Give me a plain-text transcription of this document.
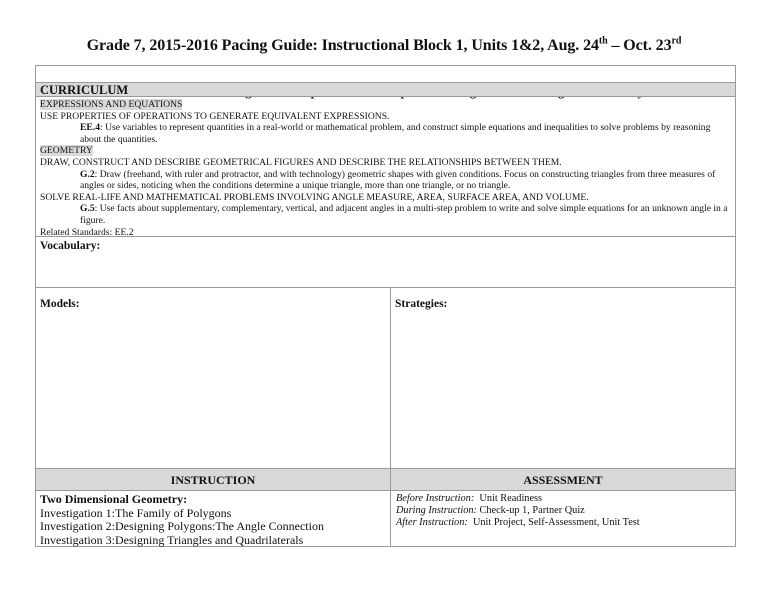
Grade 7, 2015-2016 Pacing Guide: Instructional Block 1, Units 1&2, Aug. 24th – Oct. 23rd

CURRICULUM
EXPRESSIONS AND EQUATIONS
USE PROPERTIES OF OPERATIONS TO GENERATE EQUIVALENT EXPRESSIONS.
EE.4: Use variables to represent quantities in a real-world or mathematical problem, and construct simple equations and inequalities to solve problems by reasoning about the quantities.
GEOMETRY
DRAW, CONSTRUCT AND DESCRIBE GEOMETRICAL FIGURES AND DESCRIBE THE RELATIONSHIPS BETWEEN THEM.
G.2: Draw (freehand, with ruler and protractor, and with technology) geometric shapes with given conditions. Focus on constructing triangles from three measures of angles or sides, noticing when the conditions determine a unique triangle, more than one triangle, or no triangle.
SOLVE REAL-LIFE AND MATHEMATICAL PROBLEMS INVOLVING ANGLE MEASURE, AREA, SURFACE AREA, AND VOLUME.
G.5: Use facts about supplementary, complementary, vertical, and adjacent angles in a multi-step problem to write and solve simple equations for an unknown angle in a figure.
Related Standards: EE.2
Vocabulary:
Models:	Strategies:
INSTRUCTION	ASSESSMENT
Two Dimensional Geometry:
Investigation 1:The Family of Polygons
Investigation 2:Designing Polygons:The Angle Connection
Investigation 3:Designing Triangles and Quadrilaterals
Before Instruction:  Unit Readiness
During Instruction: Check-up 1, Partner Quiz
After Instruction:  Unit Project, Self-Assessment, Unit Test
